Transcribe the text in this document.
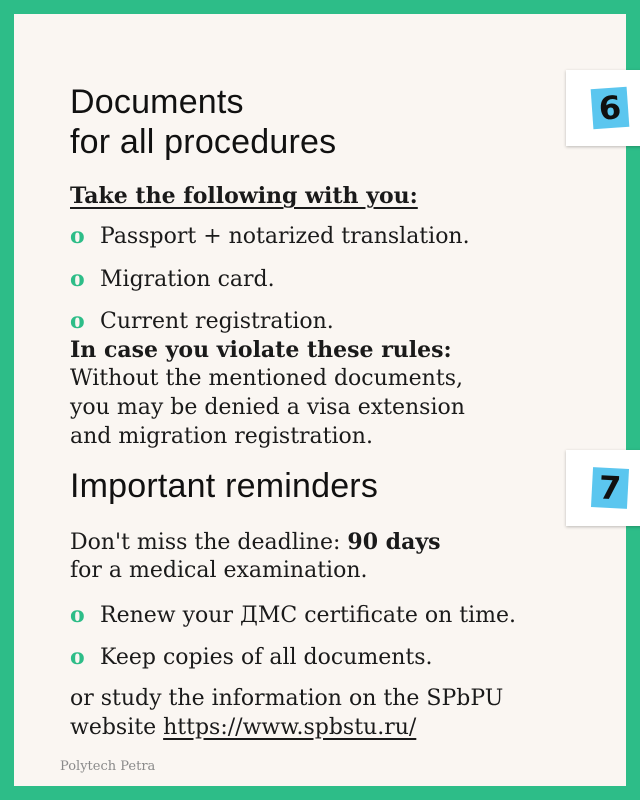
6
Documents
for all procedures
Take the following with you:
o Passport + notarized translation.
o Migration card.
o Current registration.
In case you violate these rules:
Without the mentioned documents,
you may be denied a visa extension
and migration registration.
7
Important reminders
Don't miss the deadline: 90 days
for a medical examination.
o Renew your ДМС certificate on time.
o Keep copies of all documents.
or study the information on the SPbPU
website https://www.spbstu.ru/
Polytech Petra
